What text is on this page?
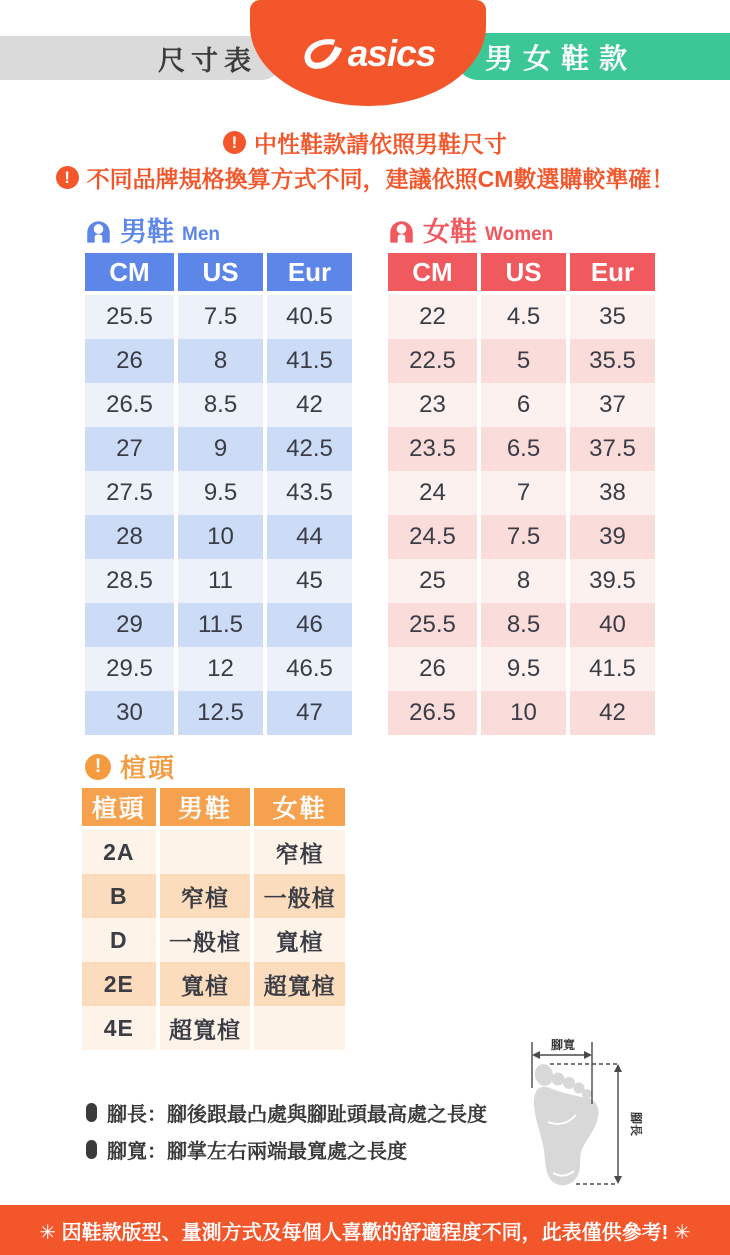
尺寸表 asics 男女鞋款
! 中性鞋款請依照男鞋尺寸
! 不同品牌規格換算方式不同，建議依照CM數選購較準確！
男鞋 Men
CM	US	Eur
25.5	7.5	40.5
26	8	41.5
26.5	8.5	42
27	9	42.5
27.5	9.5	43.5
28	10	44
28.5	11	45
29	11.5	46
29.5	12	46.5
30	12.5	47
女鞋 Women
CM	US	Eur
22	4.5	35
22.5	5	35.5
23	6	37
23.5	6.5	37.5
24	7	38
24.5	7.5	39
25	8	39.5
25.5	8.5	40
26	9.5	41.5
26.5	10	42
! 楦頭
楦頭	男鞋	女鞋
2A		窄楦
B	窄楦	一般楦
D	一般楦	寬楦
2E	寬楦	超寬楦
4E	超寬楦	
腳長：腳後跟最凸處與腳趾頭最高處之長度
腳寬：腳掌左右兩端最寬處之長度
腳寬
腳長
✳ 因鞋款版型、量測方式及每個人喜歡的舒適程度不同，此表僅供參考! ✳
